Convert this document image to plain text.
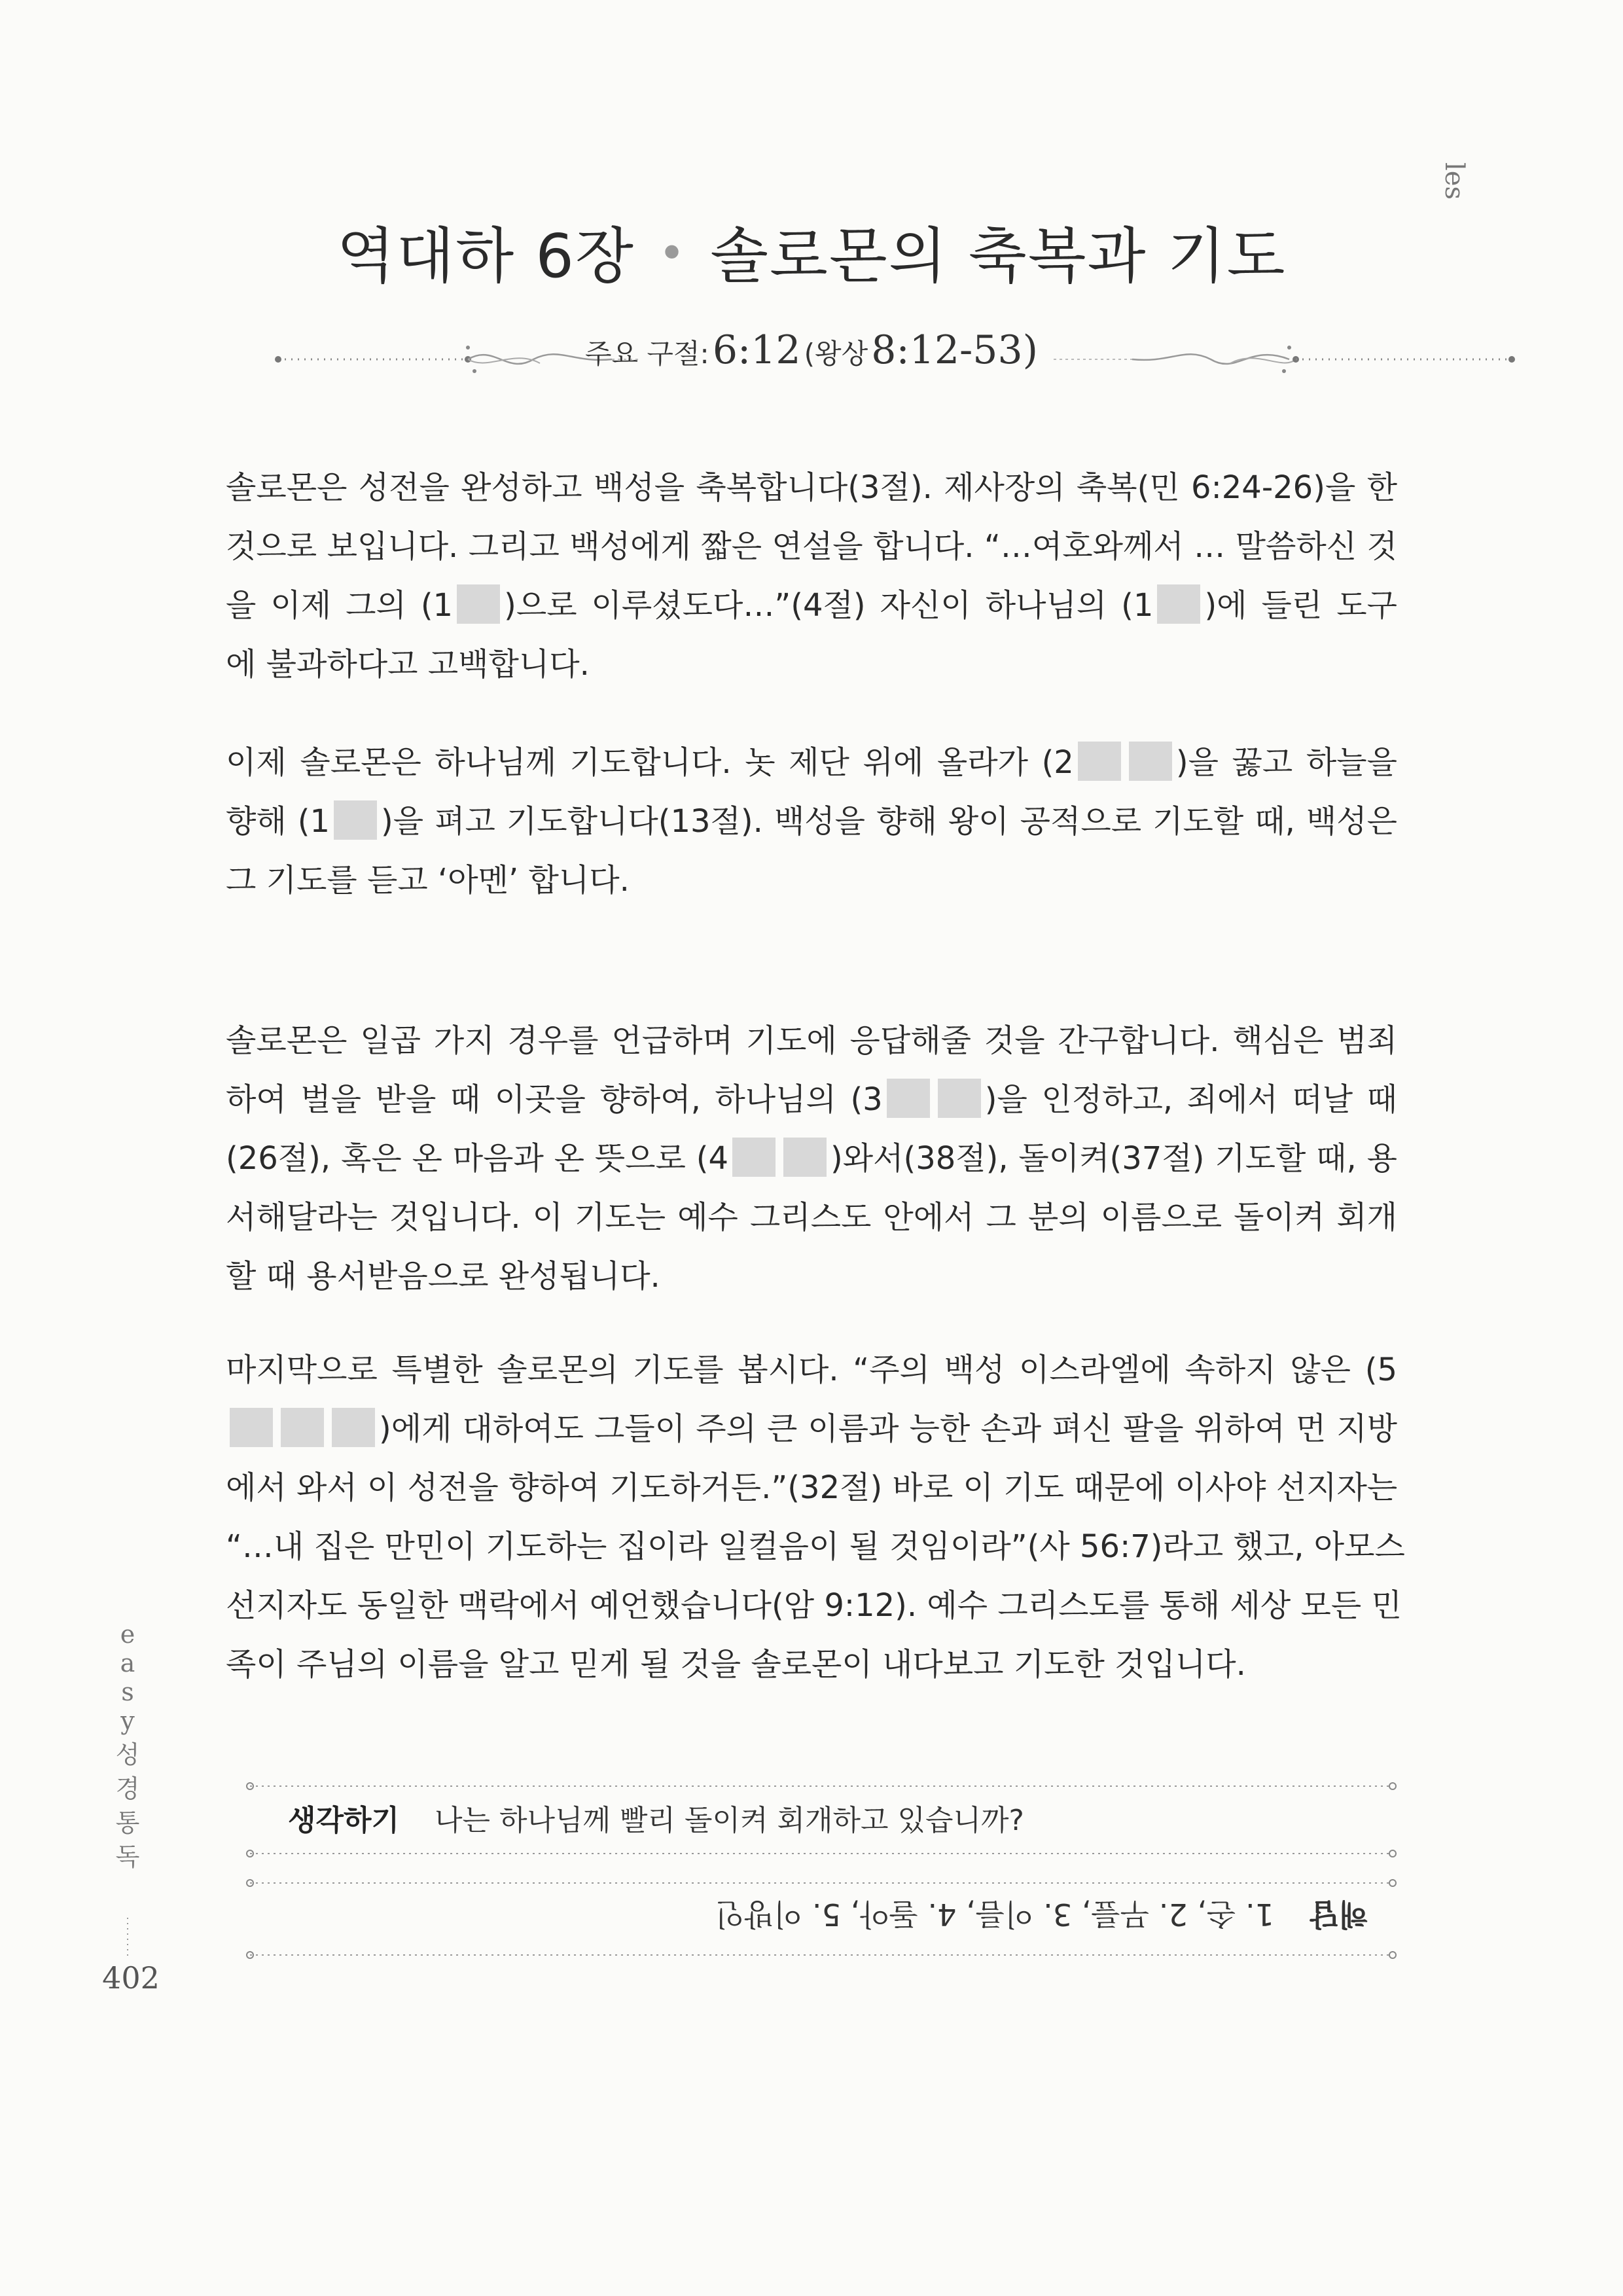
les
역대하 6장 • 솔로몬의 축복과 기도
주요 구절: 6:12 (왕상 8:12-53)
솔로몬은 성전을 완성하고 백성을 축복합니다(3절). 제사장의 축복(민 6:24-26)을 한
것으로 보입니다. 그리고 백성에게 짧은 연설을 합니다. “…여호와께서 … 말씀하신 것
을 이제 그의 (1 )으로 이루셨도다…”(4절) 자신이 하나님의 (1 )에 들린 도구
에 불과하다고 고백합니다.
이제 솔로몬은 하나님께 기도합니다. 놋 제단 위에 올라가 (2	)을 꿇고 하늘을
향해 (1 )을 펴고 기도합니다(13절). 백성을 향해 왕이 공적으로 기도할 때, 백성은
그 기도를 듣고 ‘아멘’ 합니다.
솔로몬은 일곱 가지 경우를 언급하며 기도에 응답해줄 것을 간구합니다. 핵심은 범죄
하여 벌을 받을 때 이곳을 향하여, 하나님의 (3	)을 인정하고, 죄에서 떠날 때
(26절), 혹은 온 마음과 온 뜻으로 (4	)와서(38절), 돌이켜(37절) 기도할 때, 용
서해달라는 것입니다. 이 기도는 예수 그리스도 안에서 그 분의 이름으로 돌이켜 회개
할 때 용서받음으로 완성됩니다.
마지막으로 특별한 솔로몬의 기도를 봅시다. “주의 백성 이스라엘에 속하지 않은 (5
)에게 대하여도 그들이 주의 큰 이름과 능한 손과 펴신 팔을 위하여 먼 지방
에서 와서 이 성전을 향하여 기도하거든.”(32절) 바로 이 기도 때문에 이사야 선지자는
“…내 집은 만민이 기도하는 집이라 일컬음이 될 것임이라”(사 56:7)라고 했고, 아모스
선지자도 동일한 맥락에서 예언했습니다(암 9:12). 예수 그리스도를 통해 세상 모든 민
족이 주님의 이름을 알고 믿게 될 것을 솔로몬이 내다보고 기도한 것입니다.
생각하기 나는 하나님께 빨리 돌이켜 회개하고 있습니까?
해답 1. 손, 2. 무릎, 3. 이름, 4. 돌아, 5. 이방인
e
a
s
y
성
경
통
독
402
